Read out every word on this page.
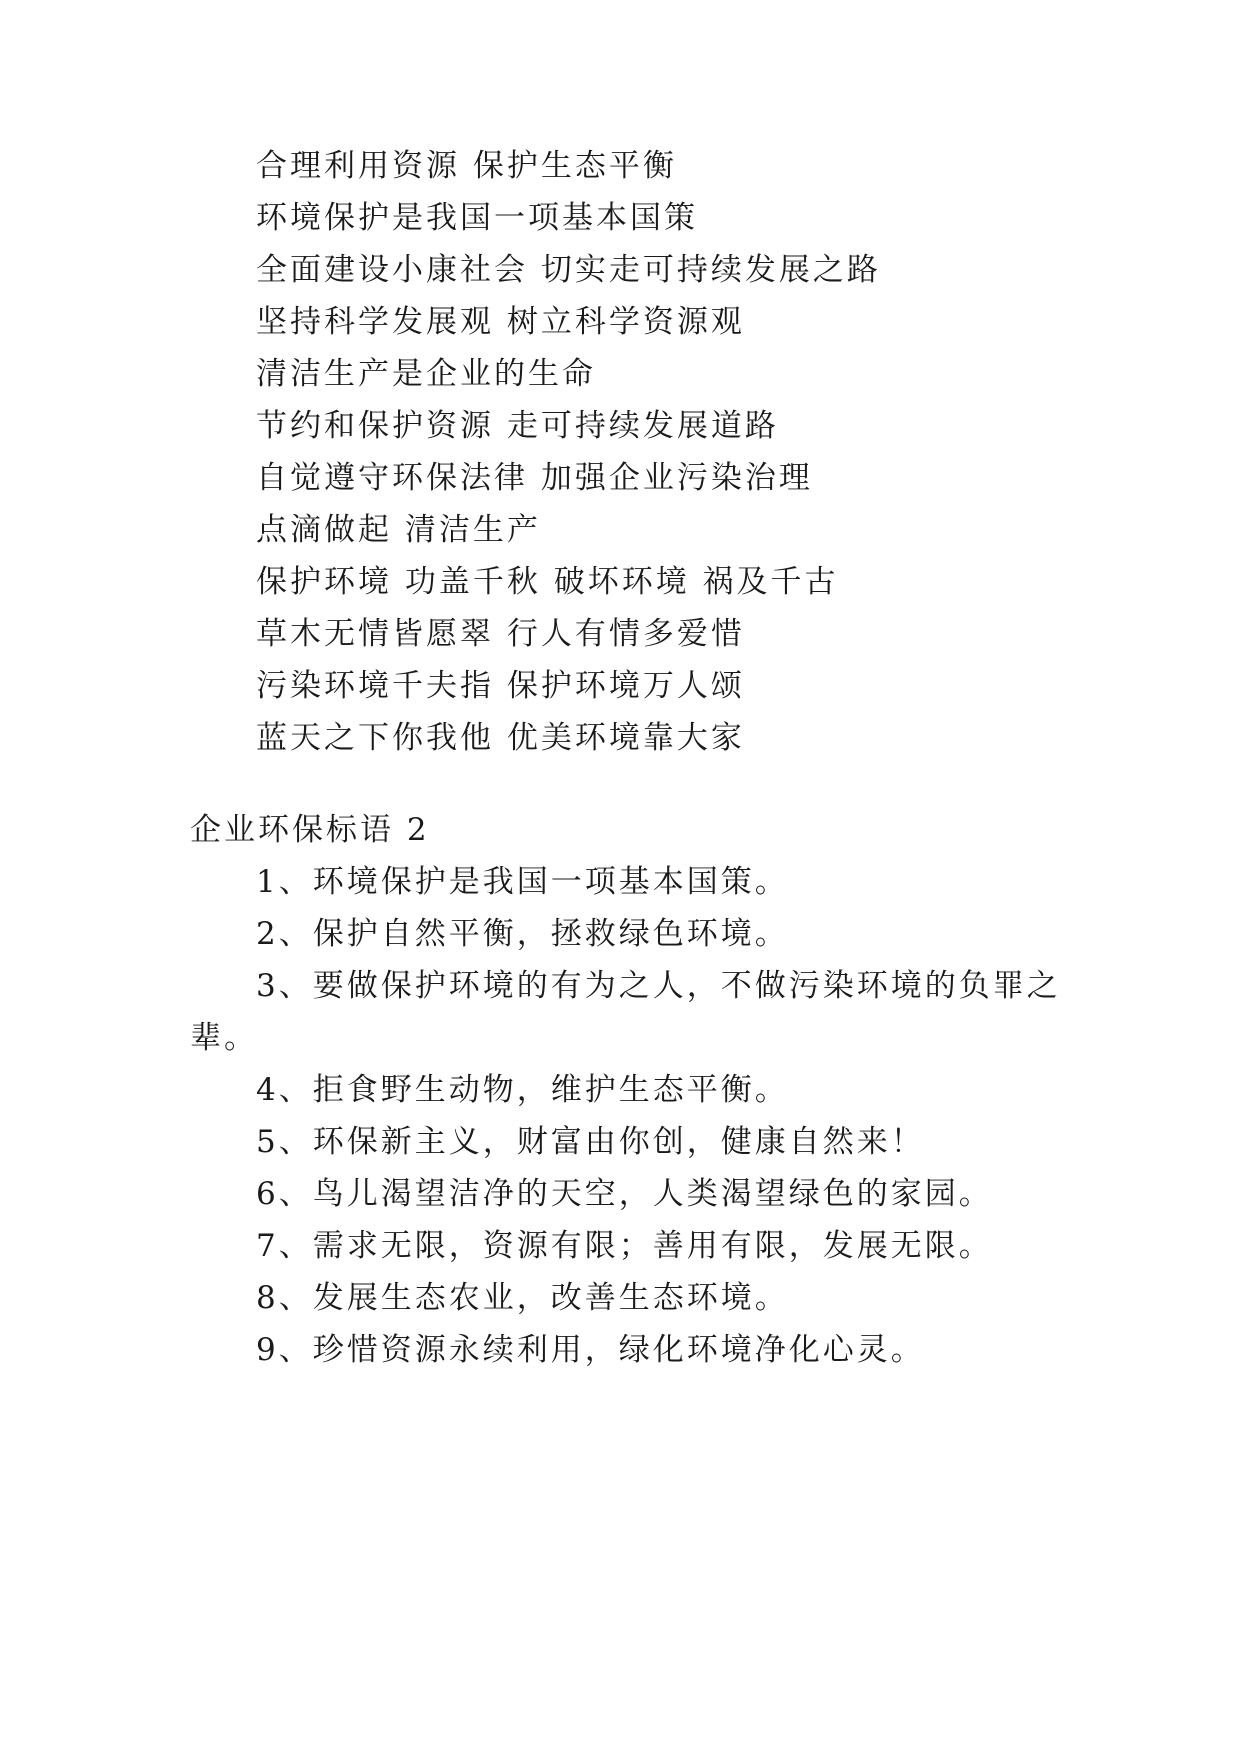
合理利用资源 保护生态平衡
环境保护是我国一项基本国策
全面建设小康社会 切实走可持续发展之路
坚持科学发展观 树立科学资源观
清洁生产是企业的生命
节约和保护资源 走可持续发展道路
自觉遵守环保法律 加强企业污染治理
点滴做起 清洁生产
保护环境 功盖千秋 破坏环境 祸及千古
草木无情皆愿翠 行人有情多爱惜
污染环境千夫指 保护环境万人颂
蓝天之下你我他 优美环境靠大家
企业环保标语 2
1、环境保护是我国一项基本国策。
2、保护自然平衡，拯救绿色环境。
3、要做保护环境的有为之人，不做污染环境的负罪之
辈。
4、拒食野生动物，维护生态平衡。
5、环保新主义，财富由你创，健康自然来！
6、鸟儿渴望洁净的天空，人类渴望绿色的家园。
7、需求无限，资源有限；善用有限，发展无限。
8、发展生态农业，改善生态环境。
9、珍惜资源永续利用，绿化环境净化心灵。
